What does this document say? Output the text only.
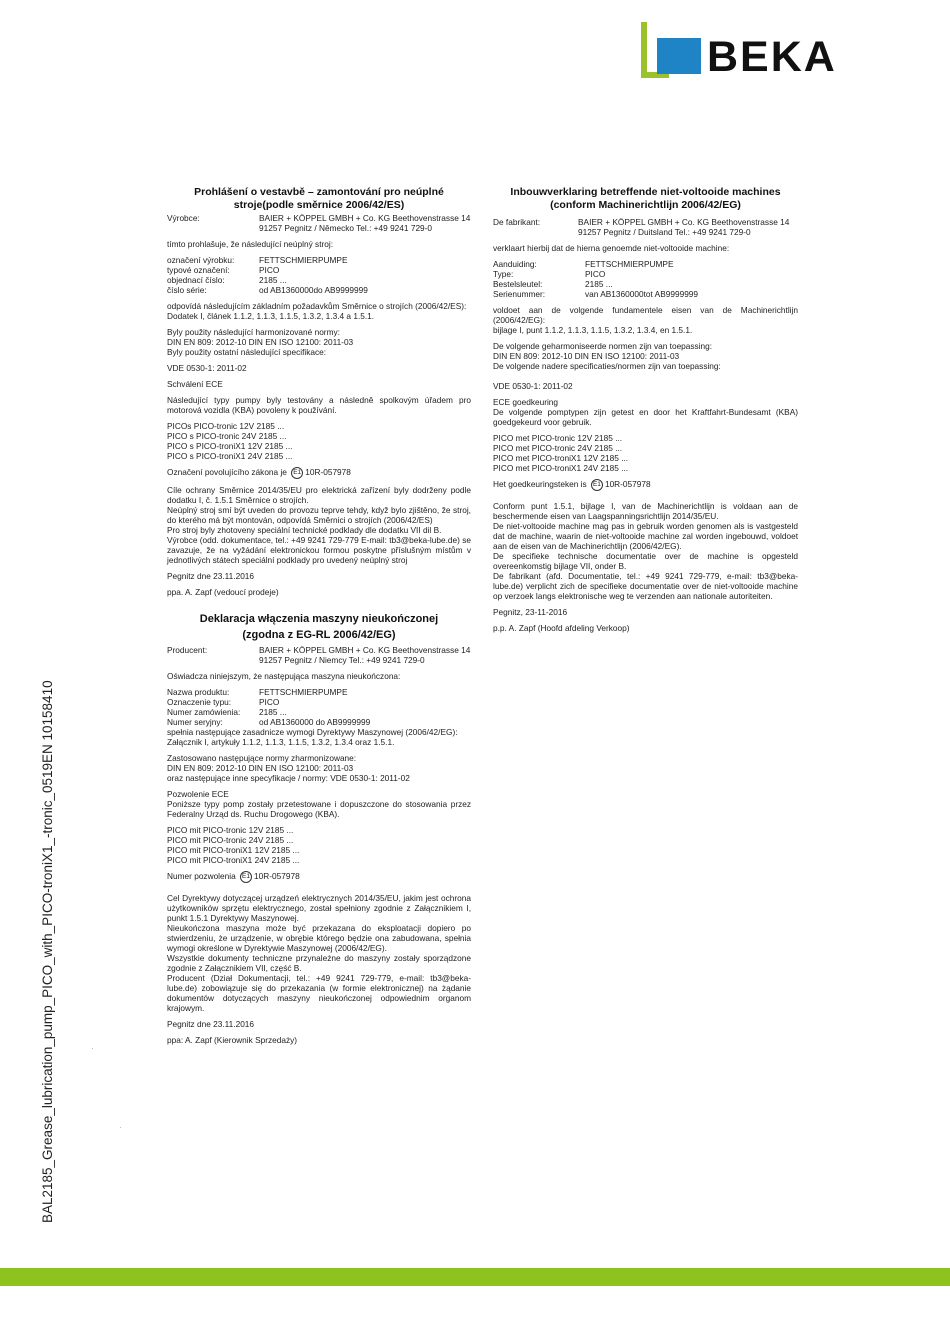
BEKA
Prohlášení o vestavbě – zamontování pro neúplné
stroje(podle směrnice 2006/42/ES)
Výrobce:	BAIER + KÖPPEL GMBH + Co. KG Beethovenstrasse 14
91257 Pegnitz / Německo Tel.: +49 9241 729-0

tímto prohlašuje, že následující neúplný stroj:

označení výrobku:	FETTSCHMIERPUMPE
typové označení:	PICO
objednací číslo:	2185 ...
číslo série:	od AB1360000do AB9999999

odpovídá následujícím základním požadavkům Směrnice o strojích (2006/42/ES):
Dodatek I, článek 1.1.2, 1.1.3, 1.1.5, 1.3.2, 1.3.4 a 1.5.1.

Byly použity následující harmonizované normy:
DIN EN 809: 2012-10 DIN EN ISO 12100: 2011-03
Byly použity ostatní následující specifikace:

VDE 0530-1: 2011-02

Schválení ECE

Následující typy pumpy byly testovány a následně spolkovým úřadem pro motorová vozidla (KBA) povoleny k používání.

PICOs PICO-tronic 12V 2185 ...
PICO s PICO-tronic 24V 2185 ...
PICO s PICO-troniX1 12V 2185 ...
PICO s PICO-troniX1 24V 2185 ...

Označení povolujícího zákona je E1 10R-057978

Cíle ochrany Směrnice 2014/35/EU pro elektrická zařízení byly dodrženy podle dodatku I, č. 1.5.1 Směrnice o strojích.
Neúplný stroj smí být uveden do provozu teprve tehdy, když bylo zjištěno, že stroj, do kterého má být montován, odpovídá Směrnici o strojích (2006/42/ES)
Pro stroj byly zhotoveny speciální technické podklady dle dodatku VII dil B.
Výrobce (odd. dokumentace, tel.: +49 9241 729-779 E-mail: tb3@beka-lube.de) se zavazuje, že na vyžádání elektronickou formou poskytne příslušným místům v jednotlivých státech speciální podklady pro uvedený neúplný stroj

Pegnitz dne 23.11.2016

ppa. A. Zapf (vedoucí prodeje)

Deklaracja włączenia maszyny nieukończonej
(zgodna z EG-RL 2006/42/EG)
Producent:	BAIER + KÖPPEL GMBH + Co. KG Beethovenstrasse 14
91257 Pegnitz / Niemcy Tel.: +49 9241 729-0

Oświadcza niniejszym, że następująca maszyna nieukończona:

Nazwa produktu:	FETTSCHMIERPUMPE
Oznaczenie typu:	PICO
Numer zamówienia:	2185 ...
Numer seryjny:	od AB1360000 do AB9999999

spełnia następujące zasadnicze wymogi Dyrektywy Maszynowej (2006/42/EG):
Załącznik I, artykuły 1.1.2, 1.1.3, 1.1.5, 1.3.2, 1.3.4 oraz 1.5.1.

Zastosowano następujące normy zharmonizowane:
DIN EN 809: 2012-10 DIN EN ISO 12100: 2011-03
oraz następujące inne specyfikacje / normy: VDE 0530-1: 2011-02

Pozwolenie ECE
Poniższe typy pomp zostały przetestowane i dopuszczone do stosowania przez Federalny Urząd ds. Ruchu Drogowego (KBA).

PICO mit PICO-tronic 12V 2185 ...
PICO mit PICO-tronic 24V 2185 ...
PICO mit PICO-troniX1 12V 2185 ...
PICO mit PICO-troniX1 24V 2185 ...

Numer pozwolenia E1 10R-057978

Cel Dyrektywy dotyczącej urządzeń elektrycznych 2014/35/EU, jakim jest ochrona użytkowników sprzętu elektrycznego, został spełniony zgodnie z Załącznikiem I, punkt 1.5.1 Dyrektywy Maszynowej.
Nieukończona maszyna może być przekazana do eksploatacji dopiero po stwierdzeniu, że urządzenie, w obrębie którego będzie ona zabudowana, spełnia wymogi określone w Dyrektywie Maszynowej (2006/42/EG).
Wszystkie dokumenty techniczne przynależne do maszyny zostały sporządzone zgodnie z Załącznikiem VII, część B.
Producent (Dział Dokumentacji, tel.: +49 9241 729-779, e-mail: tb3@beka-lube.de) zobowiązuje się do przekazania (w formie elektronicznej) na żądanie dokumentów dotyczących maszyny nieukończonej odpowiednim organom krajowym.

Pegnitz dne 23.11.2016

ppa: A. Zapf (Kierownik Sprzedaży)

Inbouwverklaring betreffende niet-voltooide machines
(conform Machinerichtlijn 2006/42/EG)
De fabrikant:	BAIER + KÖPPEL GMBH + Co. KG Beethovenstrasse 14
91257 Pegnitz / Duitsland Tel.: +49 9241 729-0

verklaart hierbij dat de hierna genoemde niet-voltooide machine:

Aanduiding:	FETTSCHMIERPUMPE
Type:	PICO
Bestelsleutel:	2185 ...
Serienummer:	van AB1360000tot AB9999999

voldoet aan de volgende fundamentele eisen van de Machinerichtlijn (2006/42/EG):
bijlage I, punt 1.1.2, 1.1.3, 1.1.5, 1.3.2, 1.3.4, en 1.5.1.

De volgende geharmoniseerde normen zijn van toepassing:
DIN EN 809: 2012-10 DIN EN ISO 12100: 2011-03
De volgende nadere specificaties/normen zijn van toepassing:

VDE 0530-1: 2011-02

ECE goedkeuring
De volgende pomptypen zijn getest en door het Kraftfahrt-Bundesamt (KBA) goedgekeurd voor gebruik.

PICO met PICO-tronic 12V 2185 ...
PICO met PICO-tronic 24V 2185 ...
PICO met PICO-troniX1 12V 2185 ...
PICO met PICO-troniX1 24V 2185 ...

Het goedkeuringsteken is E1 10R-057978

Conform punt 1.5.1, bijlage I, van de Machinerichtlijn is voldaan aan de beschermende eisen van Laagspanningsrichtlijn 2014/35/EU.
De niet-voltooide machine mag pas in gebruik worden genomen als is vastgesteld dat de machine, waarin de niet-voltooide machine zal worden ingebouwd, voldoet aan de eisen van de Machinerichtlijn (2006/42/EG).
De specifieke technische documentatie over de machine is opgesteld overeenkomstig bijlage VII, onder B.
De fabrikant (afd. Documentatie, tel.: +49 9241 729-779, e-mail: tb3@beka-lube.de) verplicht zich de specifieke documentatie over de niet-voltooide machine op verzoek langs elektronische weg te verzenden aan nationale autoriteiten.

Pegnitz, 23-11-2016

p.p. A. Zapf (Hoofd afdeling Verkoop)

BAL2185_Grease_lubrication_pump_PICO_with_PICO-troniX1_-tronic_0519EN 10158410
